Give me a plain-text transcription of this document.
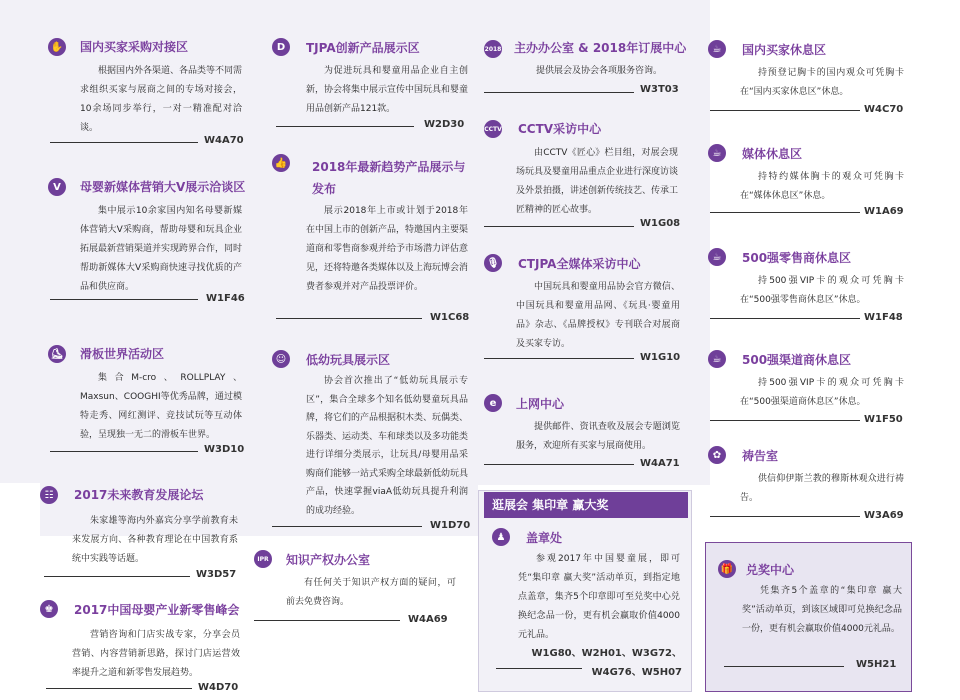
逛展会 集印章 赢大奖
✋ 国内买家采购对接区
根据国内外各渠道、各品类等不同需求组织买家与展商之间的专场对接会，10余场同步举行，一对一精准配对洽谈。
W4A70
V	母婴新媒体营销大V展示洽谈区
集中展示10余家国内知名母婴新媒体营销大V采购商，帮助母婴和玩具企业拓展最新营销渠道并实现跨界合作，同时帮助新媒体大V采购商快速寻找优质的产品和供应商。
W1F46
⛸ 滑板世界活动区
集合M-cro、ROLLPLAY、Maxsun、COOGHI等优秀品牌，通过模特走秀、网红测评、竞技试玩等互动体验，呈现独一无二的滑板车世界。
W3D10
☷	2017未来教育发展论坛
朱家雄等海内外嘉宾分享学前教育未来发展方向、各种教育理论在中国教育系统中实践等话题。
W3D57
♚	2017中国母婴产业新零售峰会
营销咨询和门店实战专家，分享会员营销、内容营销新思路，探讨门店运营效率提升之道和新零售发展趋势。
W4D70
D	TJPA创新产品展示区
为促进玩具和婴童用品企业自主创新，协会将集中展示宣传中国玩具和婴童用品创新产品121款。
W2D30
👍 2018年最新趋势产品展示与发布
展示2018年上市或计划于2018年在中国上市的创新产品，特邀国内主要渠道商和零售商参观并给予市场潜力评估意见，还将特邀各类媒体以及上海玩博会消费者参观并对产品投票评价。
W1C68
☺	低幼玩具展示区
协会首次推出了“低幼玩具展示专区”，集合全球多个知名低幼婴童玩具品牌，将它们的产品根据积木类、玩偶类、乐器类、运动类、车和球类以及多功能类进行详细分类展示，让玩具/母婴用品采购商们能够一站式采购全球最新低幼玩具产品，快速掌握viaA低幼玩具提升利润的成功经验。
W1D70
IPR 知识产权办公室
有任何关于知识产权方面的疑问，可前去免费咨询。
W4A69
2018 主办办公室 & 2018年订展中心
提供展会及协会各项服务咨询。
W3T03
CCTV CCTV采访中心
由CCTV《匠心》栏目组，对展会现场玩具及婴童用品重点企业进行深度访谈及外景拍摄，讲述创新传统技艺、传承工匠精神的匠心故事。
W1G08
🎙 CTJPA全媒体采访中心
中国玩具和婴童用品协会官方微信、中国玩具和婴童用品网、《玩具·婴童用品》杂志、《品牌授权》专刊联合对展商及买家专访。
W1G10
e	上网中心
提供邮件、资讯查收及展会专题浏览服务，欢迎所有买家与展商使用。
W4A71
☕	国内买家休息区
持预登记胸卡的国内观众可凭胸卡在“国内买家休息区”休息。
W4C70
☕	媒体休息区
持特约媒体胸卡的观众可凭胸卡在“媒体休息区”休息。
W1A69
☕	500强零售商休息区
持500强VIP卡的观众可凭胸卡在“500强零售商休息区”休息。
W1F48
☕	500强渠道商休息区
持500强VIP卡的观众可凭胸卡在“500强渠道商休息区”休息。
W1F50
✿	祷告室
供信仰伊斯兰教的穆斯林观众进行祷告。
W3A69
♟	盖章处
参观2017年中国婴童展，即可凭“集印章 赢大奖”活动单页，到指定地点盖章，集齐5个印章即可至兑奖中心兑换纪念品一份，更有机会赢取价值4000元礼品。
W1G80、W2H01、W3G72、W4G76、W5H07
🎁 兑奖中心
凭集齐5个盖章的“集印章 赢大奖”活动单页，到该区域即可兑换纪念品一份，更有机会赢取价值4000元礼品。
W5H21
